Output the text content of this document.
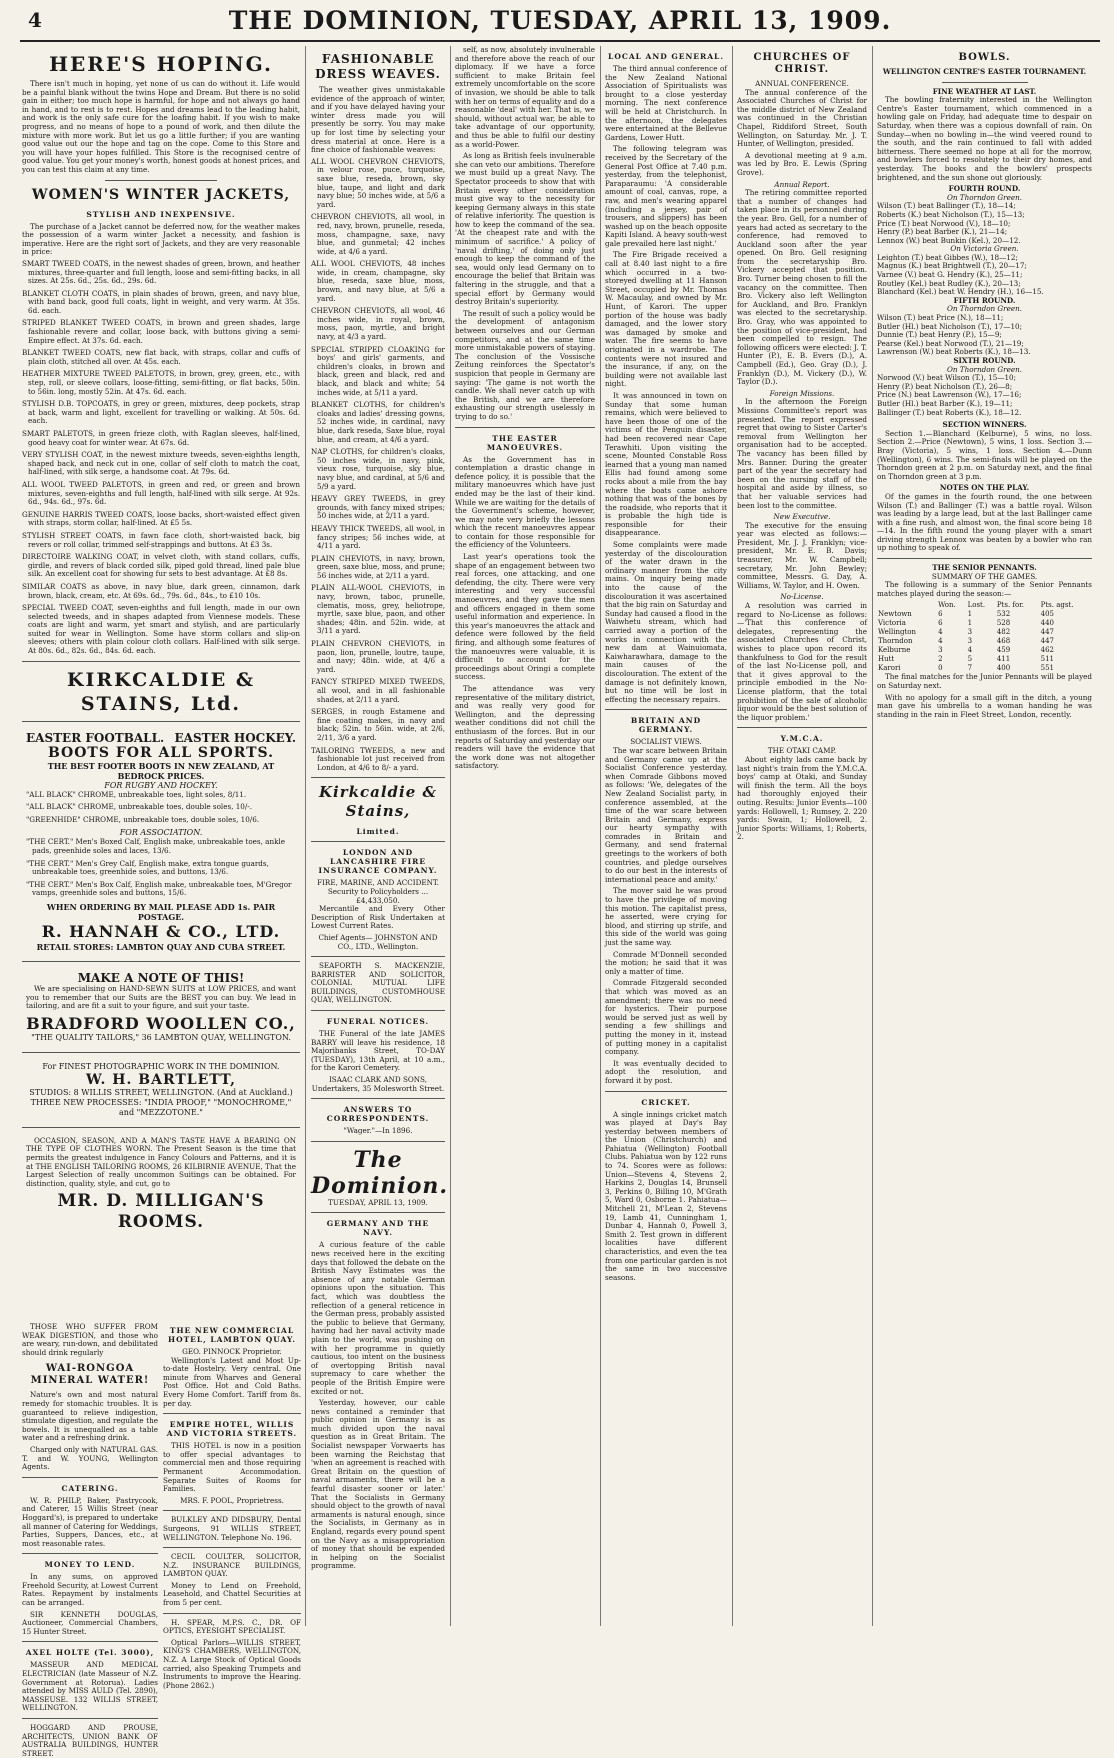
4	THE DOMINION, TUESDAY, APRIL 13, 1909.
HERE'S HOPING.

There isn't much in hoping, yet none of us can do without it. Life would be a painful blank without the twins Hope and Dream. But there is no solid gain in either; too much hope is harmful, for hope and not always go hand in hand, and to rest is to rest. Hopes and dreams lead to the leading habit, and work is the only safe cure for the loafing habit. If you wish to make progress, and no means of hope to a pound of work, and then dilute the mixture with more work. But let us go a little further; if you are wanting good value out our the hope and tag on the cope. Come to this Store and you will have your hopes fulfilled. This Store is the recognised centre of good value. You get your money's worth, honest goods at honest prices, and you can test this claim at any time.

WOMEN'S WINTER JACKETS,
STYLISH AND INEXPENSIVE.

The purchase of a Jacket cannot be deferred now, for the weather makes the possession of a warm winter Jacket a necessity, and fashion is imperative. Here are the right sort of Jackets, and they are very reasonable in price:

SMART TWEED COATS, in the newest shades of green, brown, and heather mixtures, three-quarter and full length, loose and semi-fitting backs, in all sizes. At 25s. 6d., 25s. 6d., 29s. 6d.
BLANKET CLOTH COATS, in plain shades of brown, green, and navy blue, with band back, good full coats, light in weight, and very warm. At 35s. 6d. each.
STRIPED BLANKET TWEED COATS, in brown and green shades, large fashionable revere and collar, loose back, with buttons giving a semi-Empire effect. At 37s. 6d. each.
BLANKET TWEED COATS, new flat back, with straps, collar and cuffs of plain cloth, stitched all over. At 45s. each.
HEATHER MIXTURE TWEED PALETOTS, in brown, grey, green, etc., with step, roll, or sleeve collars, loose-fitting, semi-fitting, or flat backs, 50in. to 56in. long, mostly 52in. At 47s. 6d. each.
STYLISH D.B. TOPCOATS, in grey or green, mixtures, deep pockets, strap at back, warm and light, excellent for travelling or walking. At 50s. 6d. each.
SMART PALETOTS, in green frieze cloth, with Raglan sleeves, half-lined, good heavy coat for winter wear. At 67s. 6d.
VERY STYLISH COAT, in the newest mixture tweeds, seven-eighths length, shaped back, and neck cut in one, collar of self cloth to match the coat, half-lined, with silk serge, a handsome coat. At 79s. 6d.
ALL WOOL TWEED PALETOTS, in green and red, or green and brown mixtures, seven-eighths and full length, half-lined with silk serge. At 92s. 6d., 94s. 6d., 97s. 6d.
GENUINE HARRIS TWEED COATS, loose backs, short-waisted effect given with straps, storm collar, half-lined. At £5 5s.
STYLISH STREET COATS, in fawn face cloth, short-waisted back, big revers or roll collar, trimmed self-strappings and buttons. At £3 3s.
DIRECTOIRE WALKING COAT, in velvet cloth, with stand collars, cuffs, girdle, and revers of black corded silk, piped gold thread, lined pale blue silk. An excellent coat for showing fur sets to best advantage. At £8 8s.
SIMILAR COATS as above, in navy blue, dark green, cinnamon, dark brown, black, cream, etc. At 69s. 6d., 79s. 6d., 84s., to £10 10s.
SPECIAL TWEED COAT, seven-eighths and full length, made in our own selected tweeds, and in shapes adapted from Viennese models. These coats are light and warm, yet smart and stylish, and are particularly suited for wear in Wellington. Some have storm collars and slip-on sleeves; others with plain colour cloth collars. Half-lined with silk serge. At 80s. 6d., 82s. 6d., 84s. 6d. each.
KIRKCALDIE & STAINS, Ltd.
EASTER FOOTBALL. EASTER HOCKEY.
BOOTS FOR ALL SPORTS.
THE BEST FOOTER BOOTS IN NEW ZEALAND, AT BEDROCK PRICES.
FOR RUGBY AND HOCKEY.
"ALL BLACK" CHROME, unbreakable toes, light soles, 8/11.
"ALL BLACK" CHROME, unbreakable toes, double soles, 10/-.
"GREENHIDE" CHROME, unbreakable toes, double soles, 10/6.
FOR ASSOCIATION.
"THE CERT." Men's Boxed Calf, English make, unbreakable toes, ankle pads, greenhide soles and laces, 13/6.
"THE CERT." Men's Grey Calf, English make, extra tongue guards, unbreakable toes, greenhide soles, and buttons, 13/6.
"THE CERT." Men's Box Calf, English make, unbreakable toes, M'Gregor vamps, greenhide soles and buttons, 15/6.
WHEN ORDERING BY MAIL PLEASE ADD 1s. PAIR POSTAGE.
R. HANNAH & CO., LTD.
RETAIL STORES: LAMBTON QUAY AND CUBA STREET.
MAKE A NOTE OF THIS!

We are specialising on HAND-SEWN SUITS at LOW PRICES, and want you to remember that our Suits are the BEST you can buy. We lead in tailoring, and are fit a suit to your figure, and suit your taste.

BRADFORD WOOLLEN CO.,
"THE QUALITY TAILORS," 36 LAMBTON QUAY, WELLINGTON.
For FINEST PHOTOGRAPHIC WORK IN THE DOMINION.
W. H. BARTLETT,
STUDIOS: 8 WILLIS STREET, WELLINGTON. (And at Auckland.)
THREE NEW PROCESSES: "INDIA PROOF," "MONOCHROME," and "MEZZOTONE."

OCCASION, SEASON, AND A MAN'S TASTE HAVE A BEARING ON THE TYPE OF CLOTHES WORN. The Present Season is the time that permits the greatest indulgence in Fancy Colours and Patterns, and it is at THE ENGLISH TAILORING ROOMS, 26 KILBIRNIE AVENUE, That the Largest Selection of really uncommon Suitings can be obtained. For distinction, quality, style, and cut, go to

MR. D. MILLIGAN'S ROOMS.

THOSE WHO SUFFER FROM WEAK DIGESTION, and those who are weary, run-down, and debilitated should drink regularly

WAI-RONGOA MINERAL WATER!

Nature's own and most natural remedy for stomachic troubles. It is guaranteed to relieve indigestion, stimulate digestion, and regulate the bowels. It is unequalled as a table water and a refreshing drink.

Charged only with NATURAL GAS. T. and W. YOUNG, Wellington Agents.

CATERING.

W. R. PHILP, Baker, Pastrycook, and Caterer, 15 Willis Street (near Hoggard's), is prepared to undertake all manner of Catering for Weddings, Parties, Suppers, Dances, etc., at most reasonable rates.

MONEY TO LEND.

In any sums, on approved Freehold Security, at Lowest Current Rates. Repayment by instalments can be arranged.

SIR KENNETH DOUGLAS, Auctioneer, Commercial Chambers, 15 Hunter Street.

AXEL HOLTE (Tel. 3000),

MASSEUR AND MEDICAL ELECTRICIAN (late Masseur of N.Z. Government at Rotorua). Ladies attended by MISS AULD (Tel. 2890), MASSEUSE. 132 WILLIS STREET, WELLINGTON.

HOGGARD AND PROUSE, ARCHITECTS, UNION BANK OF AUSTRALIA BUILDINGS, HUNTER STREET.

THE NEW COMMERCIAL HOTEL, LAMBTON QUAY.
GEO. PINNOCK Proprietor.

Wellington's Latest and Most Up-to-date Hostelry. Very central. One minute from Wharves and General Post Office. Hot and Cold Baths. Every Home Comfort. Tariff from 8s. per day.

EMPIRE HOTEL, WILLIS AND VICTORIA STREETS.

THIS HOTEL is now in a position to offer special advantages to commercial men and those requiring Permanent Accommodation. Separate Suites of Rooms for Families.

MRS. F. POOL, Proprietress.

BULKLEY AND DIDSBURY, Dental Surgeons, 91 WILLIS STREET, WELLINGTON. Telephone No. 196.

CECIL COULTER, SOLICITOR, N.Z. INSURANCE BUILDINGS, LAMBTON QUAY.

Money to Lend on Freehold, Leasehold, and Chattel Securities at from 5 per cent.

H. SPEAR, M.P.S. C., DR. OF OPTICS, EYESIGHT SPECIALIST.

Optical Parlors—WILLIS STREET, KING'S CHAMBERS, WELLINGTON, N.Z. A Large Stock of Optical Goods carried, also Speaking Trumpets and Instruments to improve the Hearing. (Phone 2862.)

FASHIONABLE DRESS WEAVES.

The weather gives unmistakable evidence of the approach of winter, and if you have delayed having your winter dress made you will presently be sorry. You may make up for lost time by selecting your dress material at once. Here is a fine choice of fashionable weaves:

ALL WOOL CHEVRON CHEVIOTS, in velour rose, puce, turquoise, saxe blue, reseda, brown, sky blue, taupe, and light and dark navy blue; 50 inches wide, at 5/6 a yard.
CHEVRON CHEVIOTS, all wool, in red, navy, brown, prunelle, reseda, moss, champagne, saxe, navy blue, and gunmetal; 42 inches wide, at 4/6 a yard.
ALL WOOL CHEVIOTS, 48 inches wide, in cream, champagne, sky blue, reseda, saxe blue, moss, brown, and navy blue, at 5/6 a yard.
CHEVRON CHEVIOTS, all wool, 46 inches wide, in royal, brown, moss, paon, myrtle, and bright navy, at 4/3 a yard.
SPECIAL STRIPED CLOAKING for boys' and girls' garments, and children's cloaks, in brown and black, green and black, red and black, and black and white; 54 inches wide, at 5/11 a yard.
BLANKET CLOTHS, for children's cloaks and ladies' dressing gowns, 52 inches wide, in cardinal, navy blue, dark reseda, Saxe blue, royal blue, and cream, at 4/6 a yard.
NAP CLOTHS, for children's cloaks, 50 inches wide, in navy, pink, vieux rose, turquoise, sky blue, navy blue, and cardinal, at 5/6 and 5/9 a yard.
HEAVY GREY TWEEDS, in grey grounds, with fancy mixed stripes; 50 inches wide, at 2/11 a yard.
HEAVY THICK TWEEDS, all wool, in fancy stripes; 56 inches wide, at 4/11 a yard.
PLAIN CHEVIOTS, in navy, brown, green, saxe blue, moss, and prune; 56 inches wide, at 2/11 a yard.
PLAIN ALL-WOOL CHEVIOTS, in navy, brown, taboc, prunelle, clematis, moss, grey, heliotrope, myrtle, saxe blue, paon, and other shades; 48in. and 52in. wide, at 3/11 a yard.
PLAIN CHEVRON CHEVIOTS, in paon, lion, prunelle, loutre, taupe, and navy; 48in. wide, at 4/6 a yard.
FANCY STRIPED MIXED TWEEDS, all wool, and in all fashionable shades, at 2/11 a yard.
SERGES, in rough Estamene and fine coating makes, in navy and black; 52in. to 56in. wide, at 2/6, 2/11, 3/6 a yard.
TAILORING TWEEDS, a new and fashionable lot just received from London, at 4/6 to 8/- a yard.
Kirkcaldie & Stains,
Limited.
LONDON AND LANCASHIRE FIRE INSURANCE COMPANY.
FIRE, MARINE, AND ACCIDENT.
Security to Policyholders ... £4,433,050.

Mercantile and Every Other Description of Risk Undertaken at Lowest Current Rates.

Chief Agents— JOHNSTON AND CO., LTD., Wellington.

SEAFORTH S. MACKENZIE, BARRISTER AND SOLICITOR, COLONIAL MUTUAL LIFE BUILDINGS, CUSTOMHOUSE QUAY, WELLINGTON.

FUNERAL NOTICES.

THE Funeral of the late JAMES BARRY will leave his residence, 18 Majoribanks Street, TO-DAY (TUESDAY), 13th April, at 10 a.m., for the Karori Cemetery.

ISAAC CLARK AND SONS, Undertakers, 35 Molesworth Street.
ANSWERS TO CORRESPONDENTS.
"Wager."—In 1896.
The Dominion.
TUESDAY, APRIL 13, 1909.
GERMANY AND THE NAVY.

A curious feature of the cable news received here in the exciting days that followed the debate on the British Navy Estimates was the absence of any notable German opinions upon the situation. This fact, which was doubtless the reflection of a general reticence in the German press, probably assisted the public to believe that Germany, having had her naval activity made plain to the world, was pushing on with her programme in quietly cautious, too intent on the business of overtopping British naval supremacy to care whether the people of the British Empire were excited or not.

Yesterday, however, our cable news contained a reminder that public opinion in Germany is as much divided upon the naval question as in Great Britain. The Socialist newspaper Vorwaerts has been warning the Reichstag that 'when an agreement is reached with Great Britain on the question of naval armaments, there will be a fearful disaster sooner or later.' That the Socialists in Germany should object to the growth of naval armaments is natural enough, since the Socialists, in Germany as in England, regards every pound spent on the Navy as a misappropriation of money that should be expended in helping on the Socialist programme.

self, as now, absolutely invulnerable and therefore above the reach of our diplomacy. If we have a force sufficient to make Britain feel extremely uncomfortable on the score of invasion, we should be able to talk with her on terms of equality and do a reasonable 'deal' with her. That is, we should, without actual war, be able to take advantage of our opportunity, and thus be able to fulfil our destiny as a world-Power.

As long as British feels invulnerable she can veto our ambitions. Therefore we must build up a great Navy. The Spectator proceeds to show that with Britain every other consideration must give way to the necessity for keeping Germany always in this state of relative inferiority. The question is how to keep the command of the sea. 'At the cheapest rate and with the minimum of sacrifice.' A policy of 'naval drifting,' of doing only just enough to keep the command of the sea, would only lead Germany on to encourage the belief that Britain was faltering in the struggle, and that a special effort by Germany would destroy Britain's superiority.

The result of such a policy would be the development of antagonism between ourselves and our German competitors, and at the same time more unmistakable powers of staying. The conclusion of the Vossische Zeitung reinforces the Spectator's suspicion that people in Germany are saying: 'The game is not worth the candle. We shall never catch up with the British, and we are therefore exhausting our strength uselessly in trying to do so.'

THE EASTER MANOEUVRES.

As the Government has in contemplation a drastic change in defence policy, it is possible that the military manoeuvres which have just ended may be the last of their kind. While we are waiting for the details of the Government's scheme, however, we may note very briefly the lessons which the recent manoeuvres appear to contain for those responsible for the efficiency of the Volunteers.

Last year's operations took the shape of an engagement between two real forces, one attacking, and one defending, the city. There were very interesting and very successful manoeuvres, and they gave the men and officers engaged in them some useful information and experience. In this year's manoeuvres the attack and defence were followed by the field firing, and although some features of the manoeuvres were valuable, it is difficult to account for the proceedings about Oringi a complete success.

The attendance was very representative of the military district, and was really very good for Wellington, and the depressing weather conditions did not chill the enthusiasm of the forces. But in our reports of Saturday and yesterday our readers will have the evidence that the work done was not altogether satisfactory.

LOCAL AND GENERAL.

The third annual conference of the New Zealand National Association of Spiritualists was brought to a close yesterday morning. The next conference will be held at Christchurch. In the afternoon, the delegates were entertained at the Bellevue Gardens, Lower Hutt.

The following telegram was received by the Secretary of the General Post Office at 7.40 p.m. yesterday, from the telephonist, Paraparaumu: 'A considerable amount of coal, canvas, rope, a raw, and men's wearing apparel (including a jersey, pair of trousers, and slippers) has been washed up on the beach opposite Kapiti Island. A heavy south-west gale prevailed here last night.'

The Fire Brigade received a call at 8.40 last night to a fire which occurred in a two-storeyed dwelling at 11 Hanson Street, occupied by Mr. Thomas W. Macaulay, and owned by Mr. Hunt, of Karori. The upper portion of the house was badly damaged, and the lower story was damaged by smoke and water. The fire seems to have originated in a wardrobe. The contents were not insured and the insurance, if any, on the building were not available last night.

It was announced in town on Sunday that some human remains, which were believed to have been those of one of the victims of the Penguin disaster, had been recovered near Cape Terawhiti. Upon visiting the scene, Mounted Constable Ross learned that a young man named Ellis had found among some rocks about a mile from the bay where the boats came ashore nothing that was of the bones by the roadside, who reports that it is probable the high tide is responsible for their disappearance.

Some complaints were made yesterday of the discolouration of the water drawn in the ordinary manner from the city mains. On inquiry being made into the cause of the discolouration it was ascertained that the big rain on Saturday and Sunday had caused a flood in the Waiwhetu stream, which had carried away a portion of the works in connection with the new dam at Wainuiomata, Kaiwharawhara, damage to the main causes of the discolouration. The extent of the damage is not definitely known, but no time will be lost in effecting the necessary repairs.

BRITAIN AND GERMANY.
SOCIALIST VIEWS.

The war scare between Britain and Germany came up at the Socialist Conference yesterday, when Comrade Gibbons moved as follows: 'We, delegates of the New Zealand Socialist party, in conference assembled, at the time of the war scare between Britain and Germany, express our hearty sympathy with comrades in Britain and Germany, and send fraternal greetings to the workers of both countries, and pledge ourselves to do our best in the interests of international peace and amity.'

The mover said he was proud to have the privilege of moving this motion. The capitalist press, he asserted, were crying for blood, and stirring up strife, and this side of the world was going just the same way.

Comrade M'Donnell seconded the motion; he said that it was only a matter of time.

Comrade Fitzgerald seconded that which was moved as an amendment; there was no need for hysterics. Their purpose would be served just as well by sending a few shillings and putting the money in it, instead of putting money in a capitalist company.

It was eventually decided to adopt the resolution, and forward it by post.

CRICKET.

A single innings cricket match was played at Day's Bay yesterday between members of the Union (Christchurch) and Pahiatua (Wellington) Football Clubs. Pahiatua won by 122 runs to 74. Scores were as follows: Union—Stevens 4, Stevens 2, Harkins 2, Douglas 14, Brunsell 3, Perkins 0, Billing 10, M'Grath 5, Ward 0, Osborne 1. Pahiatua—Mitchell 21, M'Lean 2, Stevens 19, Lamb 41, Cunningham 1, Dunbar 4, Hannah 0, Powell 3, Smith 2. Test grown in different localities have different characteristics, and even the tea from one particular garden is not the same in two successive seasons.

CHURCHES OF CHRIST.
ANNUAL CONFERENCE.

The annual conference of the Associated Churches of Christ for the middle district of New Zealand was continued in the Christian Chapel, Riddiford Street, South Wellington, on Saturday. Mr. J. T. Hunter, of Wellington, presided.

A devotional meeting at 9 a.m. was led by Bro. E. Lewis (Spring Grove).

Annual Report.

The retiring committee reported that a number of changes had taken place in its personnel during the year. Bro. Gell, for a number of years had acted as secretary to the conference, had removed to Auckland soon after the year opened. On Bro. Gell resigning from the secretaryship Bro. Vickery accepted that position. Bro. Turner being chosen to fill the vacancy on the committee. Then Bro. Vickery also left Wellington for Auckland, and Bro. Franklyn was elected to the secretaryship. Bro. Gray, who was appointed to the position of vice-president, had been compelled to resign. The following officers were elected: J. T. Hunter (P.), E. B. Evers (D.), A. Campbell (Ed.), Geo. Gray (D.), J. Franklyn (D.), M. Vickery (D.), W. Taylor (D.).

Foreign Missions.

In the afternoon the Foreign Missions Committee's report was presented. The report expressed regret that owing to Sister Carter's removal from Wellington her organisation had to be accepted. The vacancy has been filled by Mrs. Banner. During the greater part of the year the secretary had been on the nursing staff of the hospital and aside by illness, so that her valuable services had been lost to the committee.

New Executive.

The executive for the ensuing year was elected as follows:—President, Mr. J. J. Franklyn; vice-president, Mr. E. B. Davis; treasurer, Mr. W. Campbell; secretary, Mr. John Bewley; committee, Messrs. G. Day, A. Williams, W. Taylor, and H. Owen.

No-License.

A resolution was carried in regard to No-License as follows:—'That this conference of delegates, representing the associated Churches of Christ, wishes to place upon record its thankfulness to God for the result of the last No-License poll, and that it gives approval to the principle embodied in the No-License platform, that the total prohibition of the sale of alcoholic liquor would be the best solution of the liquor problem.'

Y.M.C.A.
THE OTAKI CAMP.

About eighty lads came back by last night's train from the Y.M.C.A. boys' camp at Otaki, and Sunday will finish the term. All the boys had thoroughly enjoyed their outing. Results: Junior Events—100 yards: Hollowell, 1; Rumsey, 2. 220 yards: Swain, 1; Hollowell, 2. Junior Sports: Williams, 1; Roberts, 2.

BOWLS.
WELLINGTON CENTRE'S EASTER TOURNAMENT.
FINE WEATHER AT LAST.

The bowling fraternity interested in the Wellington Centre's Easter tournament, which commenced in a howling gale on Friday, had adequate time to despair on Saturday, when there was a copious downfall of rain. On Sunday—when no bowling in—the wind veered round to the south, and the rain continued to fall with added bitterness. There seemed no hope at all for the morrow, and bowlers forced to resolutely to their dry homes, and yesterday. The books and the bowlers' prospects brightened, and the sun shone out gloriously.

FOURTH ROUND.
On Thorndon Green.
Wilson (T.) beat Ballinger (T.), 18—14;
Roberts (K.) beat Nicholson (T.), 15—13;
Price (T.) beat Norwood (V.), 18—10;
Henry (P.) beat Barber (K.), 21—14;
Lennox (W.) beat Bunkin (Kel.), 20—12.
On Victoria Green.
Leighton (T.) beat Gibbes (W.), 18—12;
Magnus (K.) beat Brightwell (T.), 20—17;
Varnee (V.) beat G. Hendry (K.), 25—11;
Routley (Kel.) beat Rudley (K.), 20—13;
Blanchard (Kel.) beat W. Hendry (H.), 16—15.
FIFTH ROUND.
On Thorndon Green.
Wilson (T.) beat Price (N.), 18—11;
Butler (Hl.) beat Nicholson (T.), 17—10;
Dunnie (T.) beat Henry (P.), 15—9;
Pearse (Kel.) beat Norwood (T.), 21—19;
Lawrenson (W.) beat Roberts (K.), 18—13.
SIXTH ROUND.
On Thorndon Green.
Norwood (V.) beat Wilson (T.), 15—10;
Henry (P.) beat Nicholson (T.), 26—8;
Price (N.) beat Lawrenson (W.), 17—16;
Butler (Hl.) beat Barber (K.), 19—11;
Ballinger (T.) beat Roberts (K.), 18—12.
SECTION WINNERS.

Section 1.—Blanchard (Kelburne), 5 wins, no loss. Section 2.—Price (Newtown), 5 wins, 1 loss. Section 3.—Bray (Victoria), 5 wins, 1 loss. Section 4.—Dunn (Wellington), 6 wins. The semi-finals will be played on the Thorndon green at 2 p.m. on Saturday next, and the final on Thorndon green at 3 p.m.

NOTES ON THE PLAY.

Of the games in the fourth round, the one between Wilson (T.) and Ballinger (T.) was a battle royal. Wilson was leading by a large lead, but at the last Ballinger came with a fine rush, and almost won, the final score being 18—14. In the fifth round the young player with a smart driving strength Lennox was beaten by a bowler who ran up nothing to speak of.

THE SENIOR PENNANTS.
SUMMARY OF THE GAMES.

The following is a summary of the Senior Pennants matches played during the season:—

	Won.	Lost.	Pts. for.	Pts. agst.
Newtown	6	1	532	405
Victoria	6	1	528	440
Wellington	4	3	482	447
Thorndon	4	3	468	447
Kelburne	3	4	459	462
Hutt	2	5	411	511
Karori	0	7	400	551

The final matches for the Junior Pennants will be played on Saturday next.

With no apology for a small gift in the ditch, a young man gave his umbrella to a woman handing he was standing in the rain in Fleet Street, London, recently.
